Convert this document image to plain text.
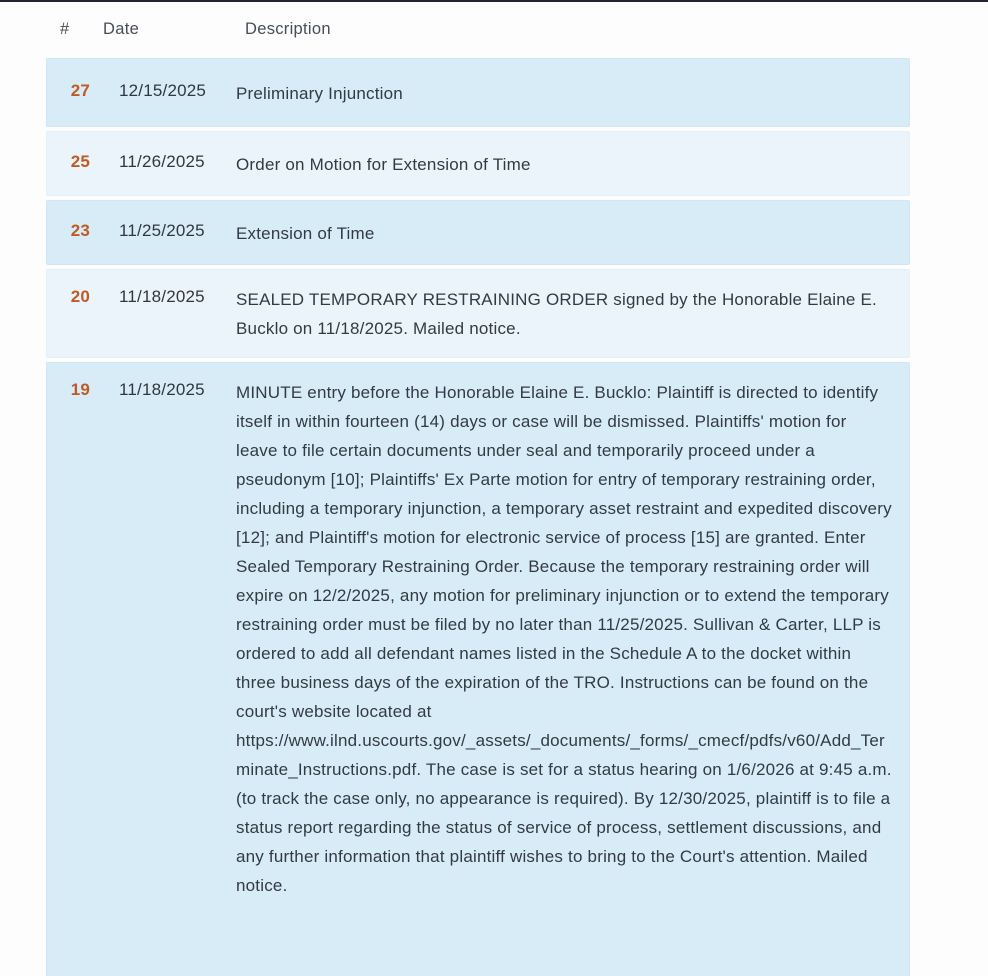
# Date	Description
27	12/15/2025	Preliminary Injunction
25	11/26/2025	Order on Motion for Extension of Time
23	11/25/2025	Extension of Time
20	11/18/2025	SEALED TEMPORARY RESTRAINING ORDER signed by the Honorable Elaine E. Bucklo on 11/18/2025. Mailed notice.
19	11/18/2025	MINUTE entry before the Honorable Elaine E. Bucklo: Plaintiff is directed to identify itself in within fourteen (14) days or case will be dismissed. Plaintiffs' motion for leave to file certain documents under seal and temporarily proceed under a pseudonym [10]; Plaintiffs' Ex Parte motion for entry of temporary restraining order, including a temporary injunction, a temporary asset restraint and expedited discovery [12]; and Plaintiff's motion for electronic service of process [15] are granted. Enter Sealed Temporary Restraining Order. Because the temporary restraining order will expire on 12/2/2025, any motion for preliminary injunction or to extend the temporary restraining order must be filed by no later than 11/25/2025. Sullivan & Carter, LLP is ordered to add all defendant names listed in the Schedule A to the docket within three business days of the expiration of the TRO. Instructions can be found on the court's website located at https://www.ilnd.uscourts.gov/_assets/_documents/_forms/_cmecf/pdfs/v60/Add_Terminate_Instructions.pdf. The case is set for a status hearing on 1/6/2026 at 9:45 a.m. (to track the case only, no appearance is required). By 12/30/2025, plaintiff is to file a status report regarding the status of service of process, settlement discussions, and any further information that plaintiff wishes to bring to the Court's attention. Mailed notice.
